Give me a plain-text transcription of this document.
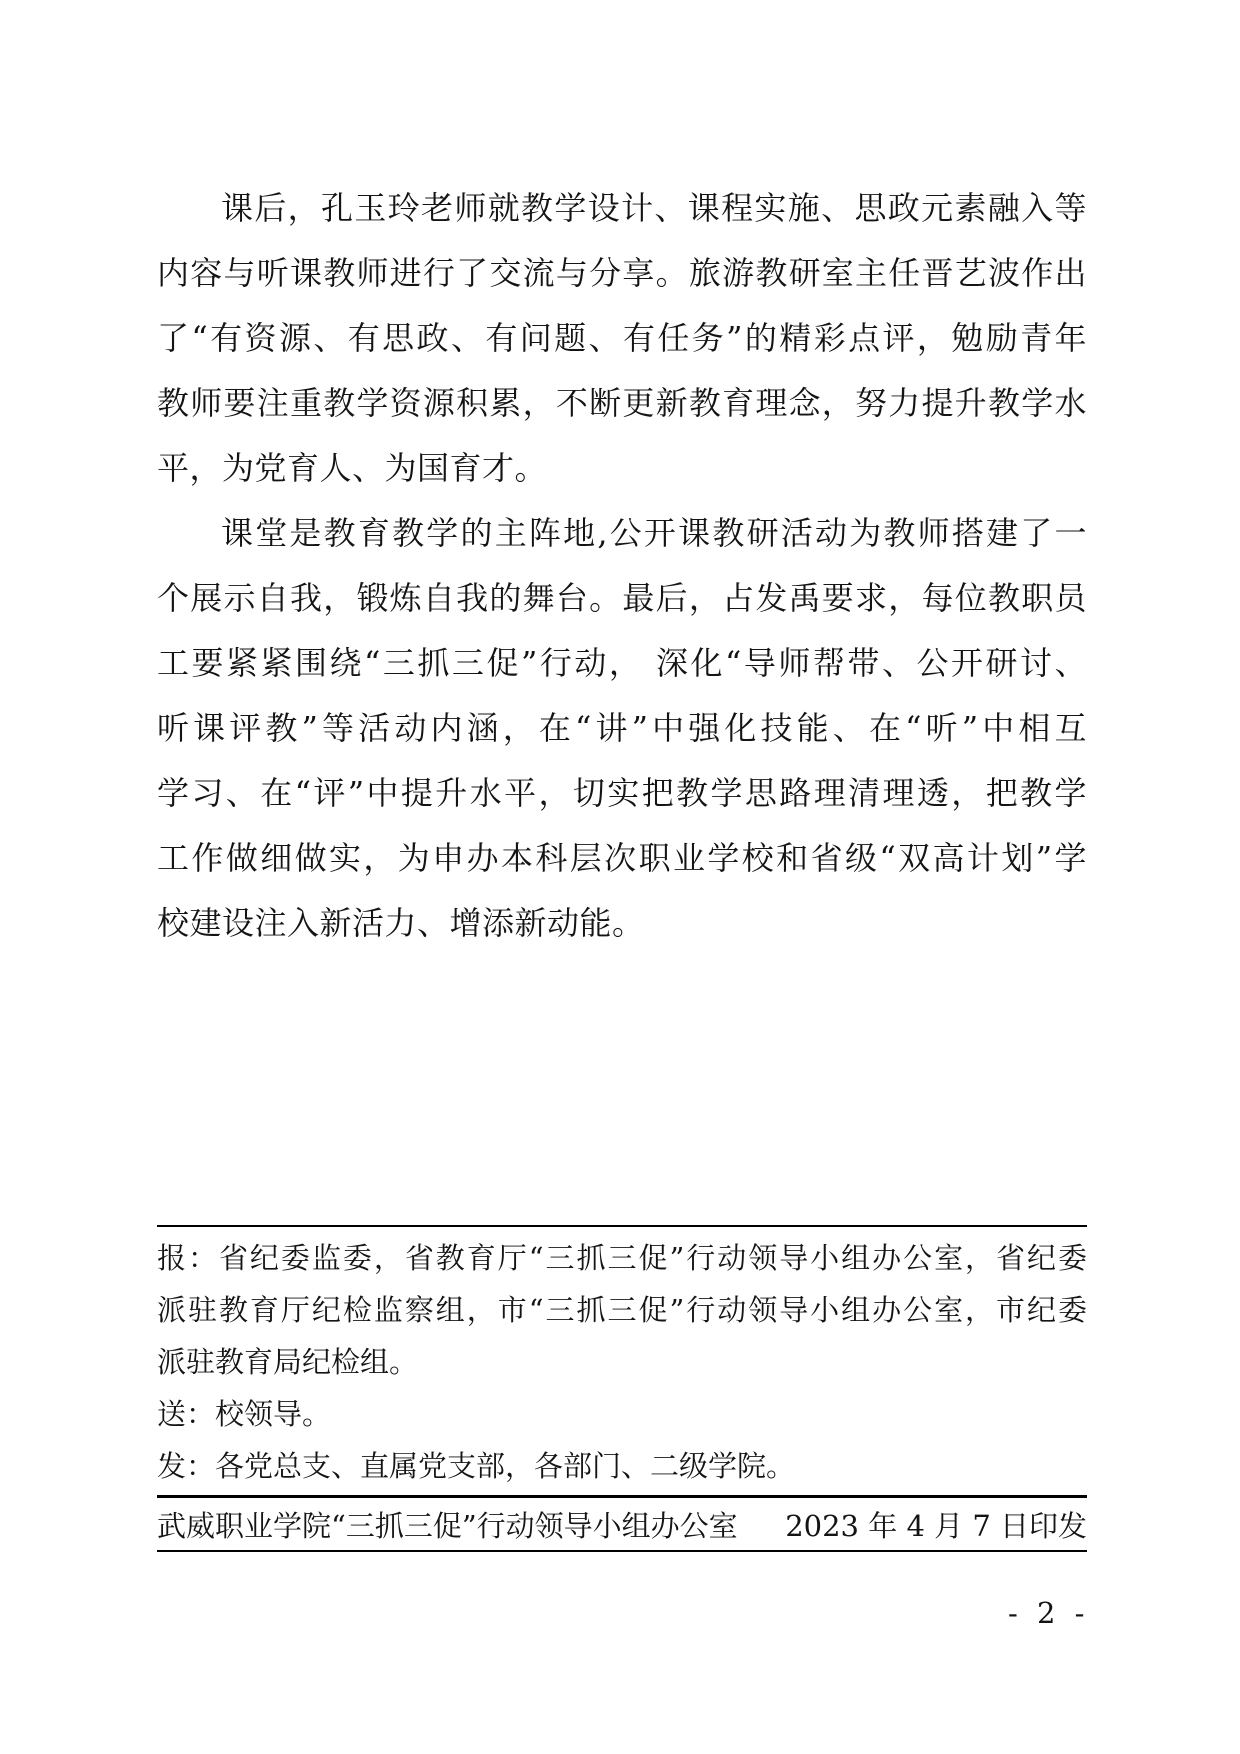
课后，孔玉玲老师就教学设计、课程实施、思政元素融入等
内容与听课教师进行了交流与分享。旅游教研室主任晋艺波作出
了“有资源、有思政、有问题、有任务”的精彩点评，勉励青年
教师要注重教学资源积累，不断更新教育理念，努力提升教学水
平，为党育人、为国育才。
课堂是教育教学的主阵地,公开课教研活动为教师搭建了一
个展示自我，锻炼自我的舞台。最后，占发禹要求，每位教职员
工要紧紧围绕“三抓三促”行动， 深化“导师帮带、公开研讨、
听课评教”等活动内涵，在“讲”中强化技能、在“听”中相互
学习、在“评”中提升水平，切实把教学思路理清理透，把教学
工作做细做实，为申办本科层次职业学校和省级“双高计划”学
校建设注入新活力、增添新动能。
报：省纪委监委，省教育厅“三抓三促”行动领导小组办公室，省纪委
派驻教育厅纪检监察组，市“三抓三促”行动领导小组办公室，市纪委
派驻教育局纪检组。
送：校领导。
发：各党总支、直属党支部，各部门、二级学院。
武威职业学院“三抓三促”行动领导小组办公室 2023 年 4 月 7 日印发
- 2 -
